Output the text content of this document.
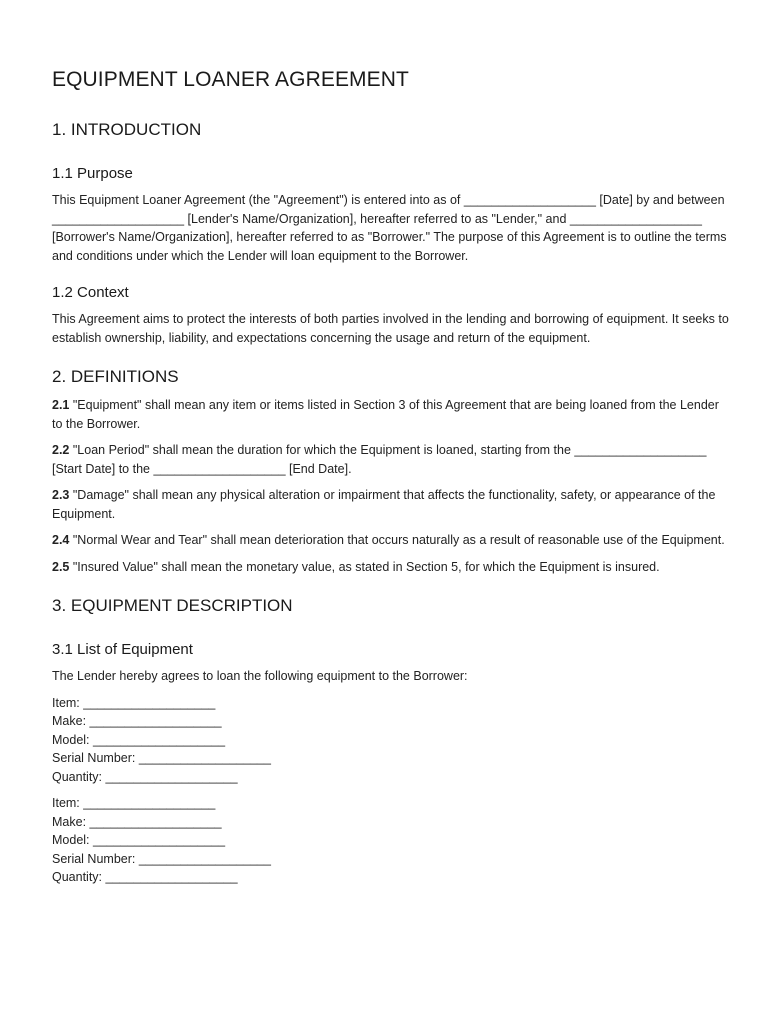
EQUIPMENT LOANER AGREEMENT
1. INTRODUCTION
1.1 Purpose

This Equipment Loaner Agreement (the "Agreement") is entered into as of ___________________ [Date] by and between ___________________ [Lender's Name/Organization], hereafter referred to as "Lender," and ___________________ [Borrower's Name/Organization], hereafter referred to as "Borrower." The purpose of this Agreement is to outline the terms and conditions under which the Lender will loan equipment to the Borrower.

1.2 Context

This Agreement aims to protect the interests of both parties involved in the lending and borrowing of equipment. It seeks to establish ownership, liability, and expectations concerning the usage and return of the equipment.

2. DEFINITIONS

2.1 "Equipment" shall mean any item or items listed in Section 3 of this Agreement that are being loaned from the Lender to the Borrower.

2.2 "Loan Period" shall mean the duration for which the Equipment is loaned, starting from the ___________________ [Start Date] to the ___________________ [End Date].

2.3 "Damage" shall mean any physical alteration or impairment that affects the functionality, safety, or appearance of the Equipment.

2.4 "Normal Wear and Tear" shall mean deterioration that occurs naturally as a result of reasonable use of the Equipment.

2.5 "Insured Value" shall mean the monetary value, as stated in Section 5, for which the Equipment is insured.

3. EQUIPMENT DESCRIPTION
3.1 List of Equipment

The Lender hereby agrees to loan the following equipment to the Borrower:

Item: ___________________
Make: ___________________
Model: ___________________
Serial Number: ___________________
Quantity: ___________________
Item: ___________________
Make: ___________________
Model: ___________________
Serial Number: ___________________
Quantity: ___________________
